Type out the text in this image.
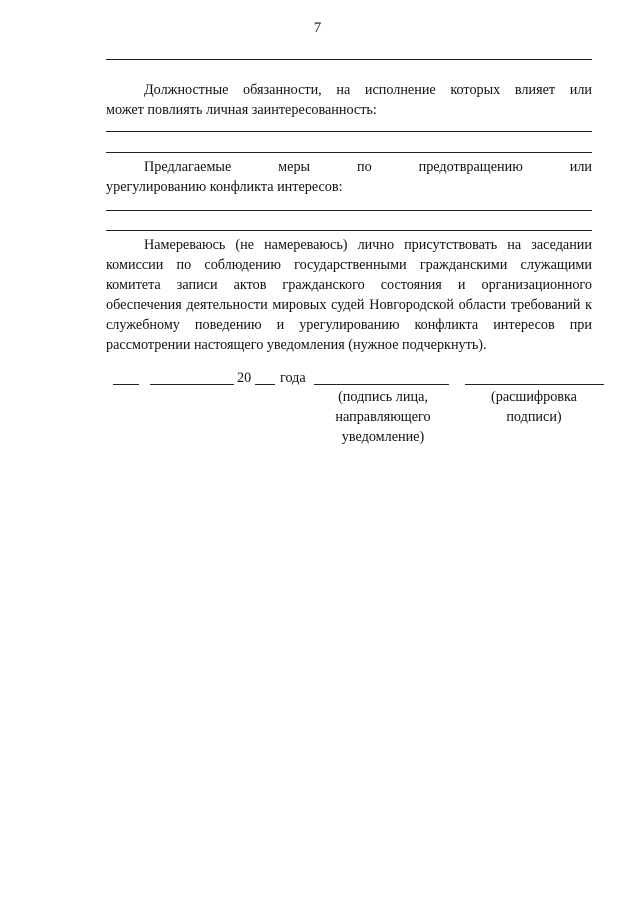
7
Должностные обязанности, на исполнение которых влияет или
может повлиять личная заинтересованность:
Предлагаемые меры по предотвращению или
урегулированию конфликта интересов:
Намереваюсь (не намереваюсь) лично присутствовать на заседании комиссии по соблюдению государственными гражданскими служащими комитета записи актов гражданского состояния и организационного обеспечения деятельности мировых судей Новгородской области требований к служебному поведению и урегулированию конфликта интересов при рассмотрении настоящего уведомления (нужное подчеркнуть).
20 года
(подпись лица, направляющего уведомление)
(расшифровка подписи)
